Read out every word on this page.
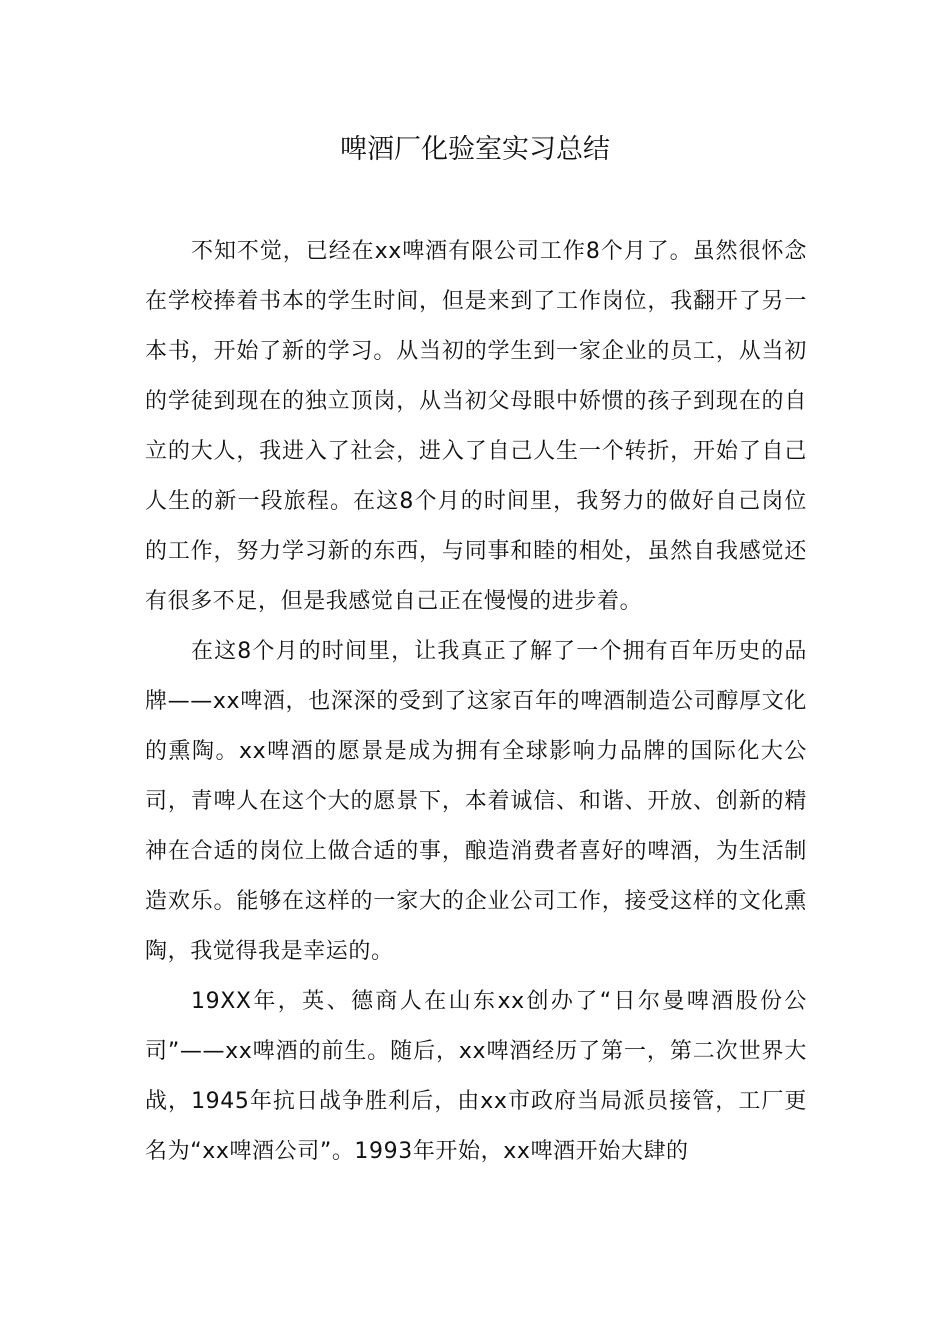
啤酒厂化验室实习总结

不知不觉，已经在xx啤酒有限公司工作8个月了。虽然很怀念在学校捧着书本的学生时间，但是来到了工作岗位，我翻开了另一本书，开始了新的学习。从当初的学生到一家企业的员工，从当初的学徒到现在的独立顶岗，从当初父母眼中娇惯的孩子到现在的自立的大人，我进入了社会，进入了自己人生一个转折，开始了自己人生的新一段旅程。在这8个月的时间里，我努力的做好自己岗位的工作，努力学习新的东西，与同事和睦的相处，虽然自我感觉还有很多不足，但是我感觉自己正在慢慢的进步着。

在这8个月的时间里，让我真正了解了一个拥有百年历史的品牌——xx啤酒，也深深的受到了这家百年的啤酒制造公司醇厚文化的熏陶。xx啤酒的愿景是成为拥有全球影响力品牌的国际化大公司，青啤人在这个大的愿景下，本着诚信、和谐、开放、创新的精神在合适的岗位上做合适的事，酿造消费者喜好的啤酒，为生活制造欢乐。能够在这样的一家大的企业公司工作，接受这样的文化熏陶，我觉得我是幸运的。

19XX年，英、德商人在山东xx创办了“日尔曼啤酒股份公司”——xx啤酒的前生。随后，xx啤酒经历了第一，第二次世界大战，1945年抗日战争胜利后，由xx市政府当局派员接管，工厂更名为“xx啤酒公司”。1993年开始，xx啤酒开始大肆的
